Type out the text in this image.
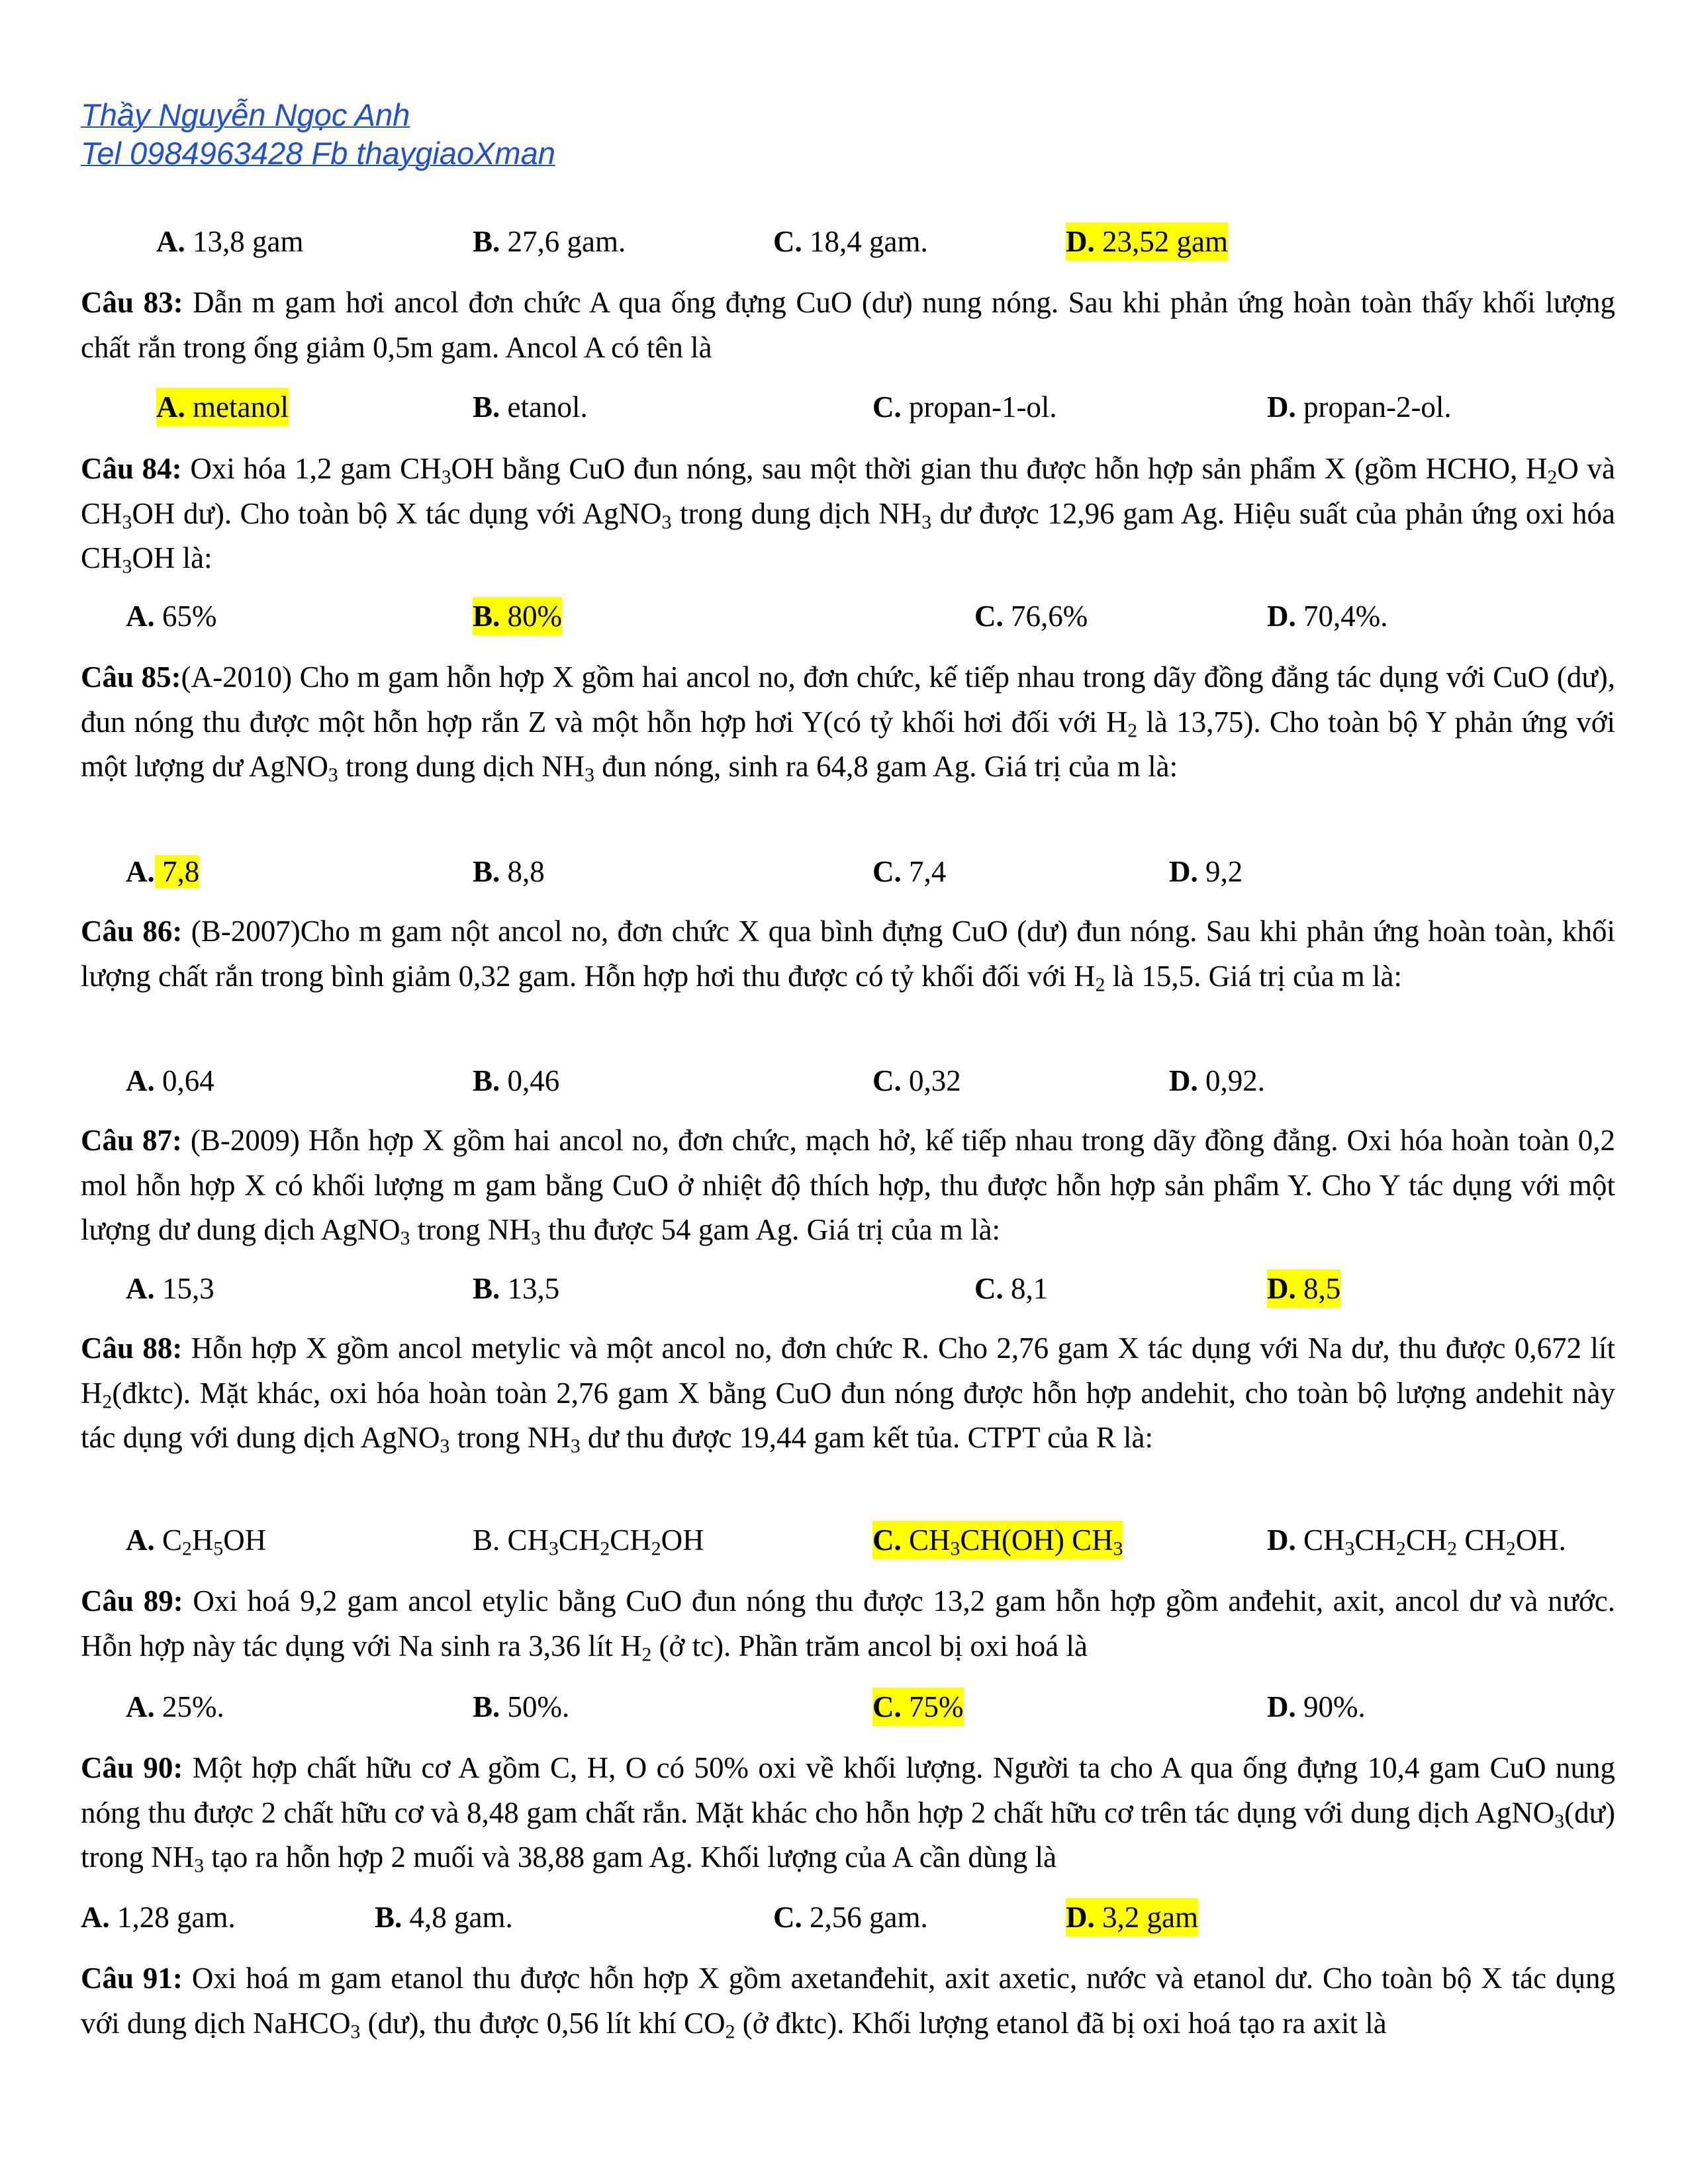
Thầy Nguyễn Ngọc Anh
Tel 0984963428 Fb thaygiaoXman
A. 13,8 gam	B. 27,6 gam.	C. 18,4 gam.	D. 23,52 gam
Câu 83: Dẫn m gam hơi ancol đơn chức A qua ống đựng CuO (dư) nung nóng. Sau khi phản ứng hoàn toàn thấy khối lượng chất rắn trong ống giảm 0,5m gam. Ancol A có tên là
A. metanol	B. etanol.	C. propan-1-ol.	D. propan-2-ol.
Câu 84: Oxi hóa 1,2 gam $CH_3OH$ bằng CuO đun nóng, sau một thời gian thu được hỗn hợp sản phẩm X (gồm HCHO, $H_2O$ và $CH_3OH$ dư). Cho toàn bộ X tác dụng với AgNO$_3$ trong dung dịch $NH_3$ dư được 12,96 gam Ag. Hiệu suất của phản ứng oxi hóa $CH_3OH$ là:
A. 65%	B. 80%	C. 76,6%	D. 70,4%.
Câu 85:(A-2010) Cho m gam hỗn hợp X gồm hai ancol no, đơn chức, kế tiếp nhau trong dãy đồng đẳng tác dụng với CuO (dư), đun nóng thu được một hỗn hợp rắn Z và một hỗn hợp hơi Y(có tỷ khối hơi đối với $H_2$ là 13,75). Cho toàn bộ Y phản ứng với một lượng dư AgNO$_3$ trong dung dịch $NH_3$ đun nóng, sinh ra 64,8 gam Ag. Giá trị của m là:
A. 7,8	B. 8,8	C. 7,4	D. 9,2
Câu 86: (B-2007)Cho m gam nột ancol no, đơn chức X qua bình đựng CuO (dư) đun nóng. Sau khi phản ứng hoàn toàn, khối lượng chất rắn trong bình giảm 0,32 gam. Hỗn hợp hơi thu được có tỷ khối đối với $H_2$ là 15,5. Giá trị của m là:
A. 0,64	B. 0,46	C. 0,32	D. 0,92.
Câu 87: (B-2009) Hỗn hợp X gồm hai ancol no, đơn chức, mạch hở, kế tiếp nhau trong dãy đồng đẳng. Oxi hóa hoàn toàn 0,2 mol hỗn hợp X có khối lượng m gam bằng CuO ở nhiệt độ thích hợp, thu được hỗn hợp sản phẩm Y. Cho Y tác dụng với một lượng dư dung dịch AgNO$_3$ trong $NH_3$ thu được 54 gam Ag. Giá trị của m là:
A. 15,3	B. 13,5	C. 8,1	D. 8,5
Câu 88: Hỗn hợp X gồm ancol metylic và một ancol no, đơn chức R. Cho 2,76 gam X tác dụng với Na dư, thu được 0,672 lít $H_2(đktc)$. Mặt khác, oxi hóa hoàn toàn 2,76 gam X bằng CuO đun nóng được hỗn hợp andehit, cho toàn bộ lượng andehit này tác dụng với dung dịch AgNO$_3$ trong $NH_3$ dư thu được 19,44 gam kết tủa. CTPT của R là:
A. $C_2H_5OH$	B. $CH_3CH_2CH_2OH$	C. $CH_3CH(OH)$ $CH_3$	D. $CH_3CH_2CH_2$ $CH_2OH$.
Câu 89: Oxi hoá 9,2 gam ancol etylic bằng CuO đun nóng thu được 13,2 gam hỗn hợp gồm anđehit, axit, ancol dư và nước. Hỗn hợp này tác dụng với Na sinh ra 3,36 lít $H_2$ (ở tc). Phần trăm ancol bị oxi hoá là
A. 25%.	B. 50%.	C. 75%	D. 90%.
Câu 90: Một hợp chất hữu cơ A gồm C, H, O có 50% oxi về khối lượng. Người ta cho A qua ống đựng 10,4 gam CuO nung nóng thu được 2 chất hữu cơ và 8,48 gam chất rắn. Mặt khác cho hỗn hợp 2 chất hữu cơ trên tác dụng với dung dịch AgNO$_3$(dư) trong $NH_3$ tạo ra hỗn hợp 2 muối và 38,88 gam Ag. Khối lượng của A cần dùng là
A. 1,28 gam.	B. 4,8 gam.	C. 2,56 gam.	D. 3,2 gam
Câu 91: Oxi hoá m gam etanol thu được hỗn hợp X gồm axetanđehit, axit axetic, nước và etanol dư. Cho toàn bộ X tác dụng với dung dịch NaHCO$_3$ (dư), thu được 0,56 lít khí $CO_2$ (ở đktc). Khối lượng etanol đã bị oxi hoá tạo ra axit là
